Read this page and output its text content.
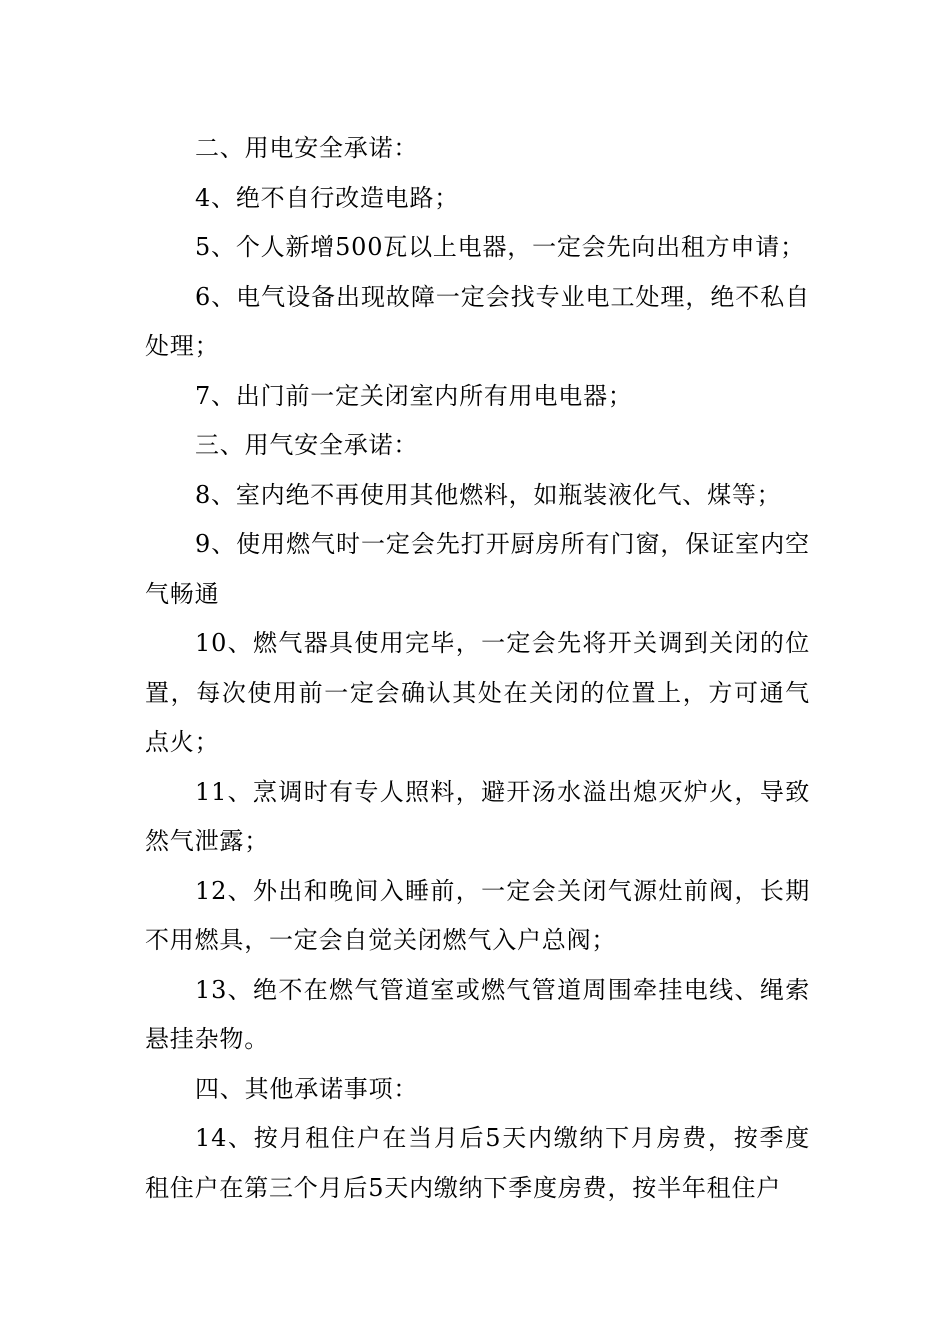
二、用电安全承诺：

4、绝不自行改造电路；

5、个人新增500瓦以上电器，一定会先向出租方申请；

6、电气设备出现故障一定会找专业电工处理，绝不私自处理；

7、出门前一定关闭室内所有用电电器；

三、用气安全承诺：

8、室内绝不再使用其他燃料，如瓶装液化气、煤等；

9、使用燃气时一定会先打开厨房所有门窗，保证室内空气畅通

10、燃气器具使用完毕，一定会先将开关调到关闭的位置，每次使用前一定会确认其处在关闭的位置上，方可通气点火；

11、烹调时有专人照料，避开汤水溢出熄灭炉火，导致然气泄露；

12、外出和晚间入睡前，一定会关闭气源灶前阀，长期不用燃具，一定会自觉关闭燃气入户总阀；

13、绝不在燃气管道室或燃气管道周围牵挂电线、绳索悬挂杂物。

四、其他承诺事项：

14、按月租住户在当月后5天内缴纳下月房费，按季度租住户在第三个月后5天内缴纳下季度房费，按半年租住户
